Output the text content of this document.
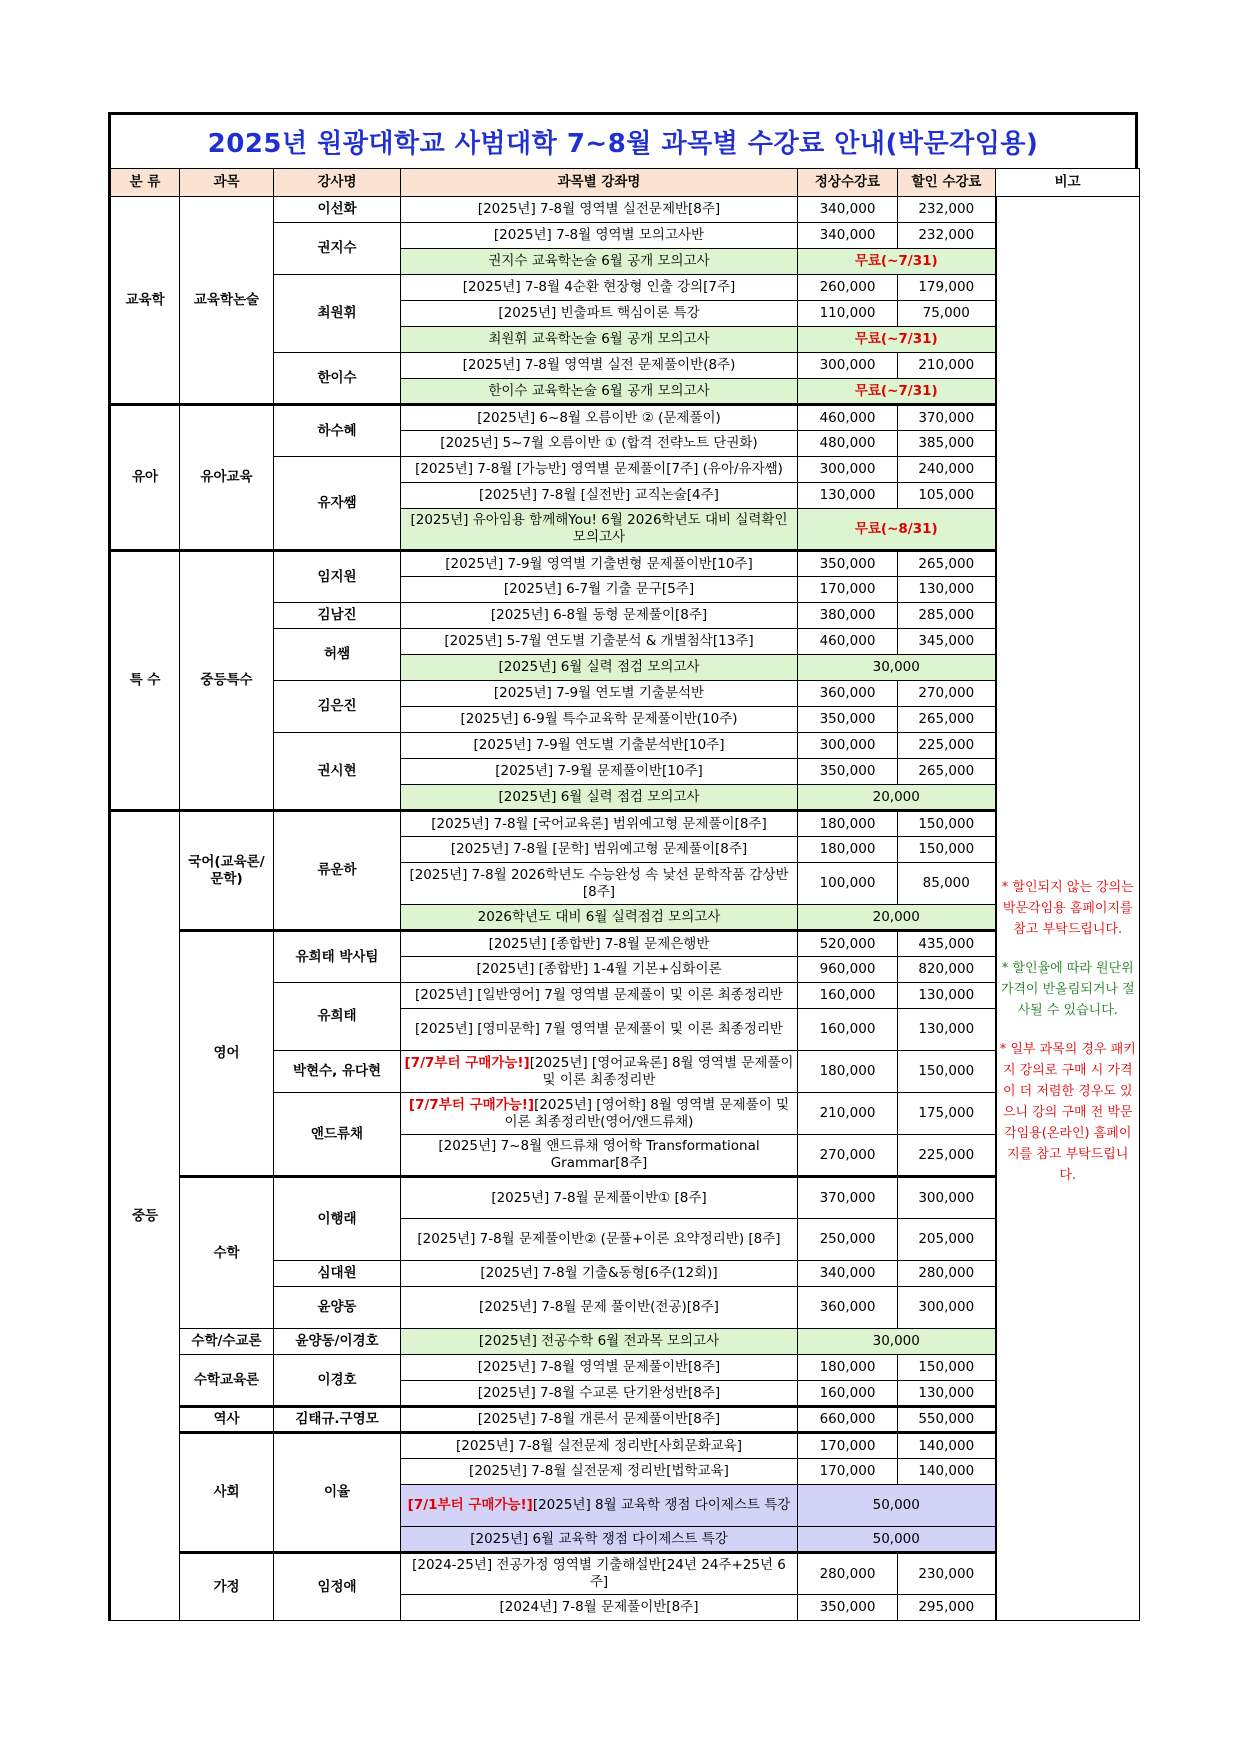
2025년 원광대학교 사범대학 7~8월 과목별 수강료 안내(박문각임용)
분 류	과목	강사명	과목별 강좌명	정상수강료	할인 수강료	비고
교육학	교육학논술	이선화	[2025년] 7-8월 영역별 실전문제반[8주]	340,000	232,000	* 할인되지 않는 강의는 박문각임용 홈페이지를 참고 부탁드립니다.
* 할인율에 따라 원단위 가격이 반올림되거나 절사될 수 있습니다.
* 일부 과목의 경우 패키지 강의로 구매 시 가격이 더 저렴한 경우도 있으니 강의 구매 전 박문각임용(온라인) 홈페이지를 참고 부탁드립니다.

		권지수	[2025년] 7-8월 영역별 모의고사반	340,000	232,000	
			권지수 교육학논술 6월 공개 모의고사	무료(~7/31)		
		최원휘	[2025년] 7-8월 4순환 현장형 인출 강의[7주]	260,000	179,000	
			[2025년] 빈출파트 핵심이론 특강	110,000	75,000	
			최원휘 교육학논술 6월 공개 모의고사	무료(~7/31)		
		한이수	[2025년] 7-8월 영역별 실전 문제풀이반(8주)	300,000	210,000	
			한이수 교육학논술 6월 공개 모의고사	무료(~7/31)		
유아	유아교육	하수혜	[2025년] 6~8월 오름이반 ② (문제풀이)	460,000	370,000	
			[2025년] 5~7월 오름이반 ① (합격 전략노트 단권화)	480,000	385,000	
		유자쌤	[2025년] 7-8월 [가능반] 영역별 문제풀이[7주] (유아/유자쌤)	300,000	240,000	
			[2025년] 7-8월 [실전반] 교직논술[4주]	130,000	105,000	
			[2025년] 유아임용 함께해You! 6월 2026학년도 대비 실력확인 모의고사	무료(~8/31)		
특 수	중등특수	임지원	[2025년] 7-9월 영역별 기출변형 문제풀이반[10주]	350,000	265,000	
			[2025년] 6-7월 기출 문구[5주]	170,000	130,000	
		김남진	[2025년] 6-8월 동형 문제풀이[8주]	380,000	285,000	
		허쌤	[2025년] 5-7월 연도별 기출분석 & 개별첨삭[13주]	460,000	345,000	
			[2025년] 6월 실력 점검 모의고사	30,000		
		김은진	[2025년] 7-9월 연도별 기출분석반	360,000	270,000	
			[2025년] 6-9월 특수교육학 문제풀이반(10주)	350,000	265,000	
		권시현	[2025년] 7-9월 연도별 기출분석반[10주]	300,000	225,000	
			[2025년] 7-9월 문제풀이반[10주]	350,000	265,000	
			[2025년] 6월 실력 점검 모의고사	20,000		
중등	국어(교육론/문학)	류운하	[2025년] 7-8월 [국어교육론] 범위예고형 문제풀이[8주]	180,000	150,000	
			[2025년] 7-8월 [문학] 범위예고형 문제풀이[8주]	180,000	150,000	
			[2025년] 7-8월 2026학년도 수능완성 속 낯선 문학작품 감상반 [8주]	100,000	85,000	
			2026학년도 대비 6월 실력점검 모의고사	20,000		
	영어	유희태 박사팀	[2025년] [종합반] 7-8월 문제은행반	520,000	435,000	
			[2025년] [종합반] 1-4월 기본+심화이론	960,000	820,000	
		유희태	[2025년] [일반영어] 7월 영역별 문제풀이 및 이론 최종정리반	160,000	130,000	
			[2025년] [영미문학] 7월 영역별 문제풀이 및 이론 최종정리반	160,000	130,000	
		박현수, 유다현	[7/7부터 구매가능!][2025년] [영어교육론] 8월 영역별 문제풀이 및 이론 최종정리반	180,000	150,000	
		앤드류채	[7/7부터 구매가능!][2025년] [영어학] 8월 영역별 문제풀이 및 이론 최종정리반(영어/앤드류채)	210,000	175,000	
			[2025년] 7~8월 앤드류채 영어학 Transformational Grammar[8주]	270,000	225,000	
	수학	이행래	[2025년] 7-8월 문제풀이반① [8주]	370,000	300,000	
			[2025년] 7-8월 문제풀이반② (문풀+이론 요약정리반) [8주]	250,000	205,000	
		심대원	[2025년] 7-8월 기출&동형[6주(12회)]	340,000	280,000	
		윤양동	[2025년] 7-8월 문제 풀이반(전공)[8주]	360,000	300,000	
	수학/수교론	윤양동/이경호	[2025년] 전공수학 6월 전과목 모의고사	30,000		
	수학교육론	이경호	[2025년] 7-8월 영역별 문제풀이반[8주]	180,000	150,000	
			[2025년] 7-8월 수교론 단기완성반[8주]	160,000	130,000	
	역사	김태규.구영모	[2025년] 7-8월 개론서 문제풀이반[8주]	660,000	550,000	
	사회	이율	[2025년] 7-8월 실전문제 정리반[사회문화교육]	170,000	140,000	
			[2025년] 7-8월 실전문제 정리반[법학교육]	170,000	140,000	
			[7/1부터 구매가능!][2025년] 8월 교육학 쟁점 다이제스트 특강	50,000		
			[2025년] 6월 교육학 쟁점 다이제스트 특강	50,000		
	가정	임정애	[2024-25년] 전공가정 영역별 기출해설반[24년 24주+25년 6주]	280,000	230,000	
			[2024년] 7-8월 문제풀이반[8주]	350,000	295,000	
